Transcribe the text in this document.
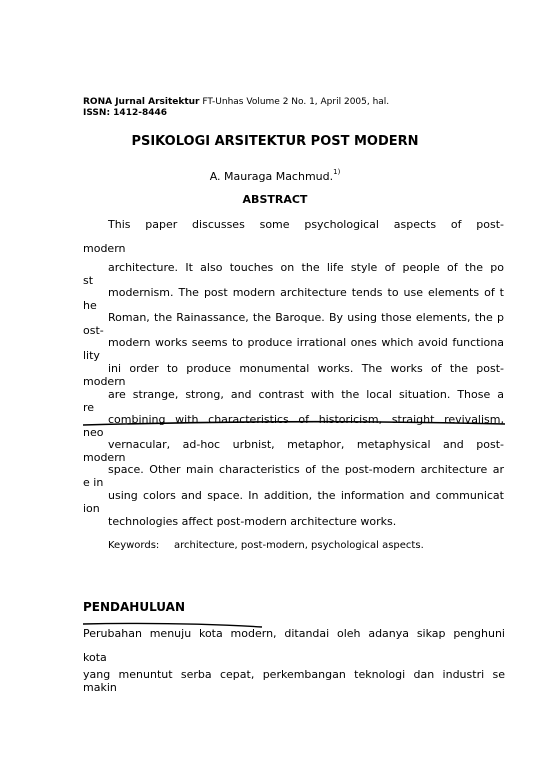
RONA Jurnal Arsitektur FT-Unhas Volume 2 No. 1, April 2005, hal.
ISSN: 1412-8446
PSIKOLOGI ARSITEKTUR POST MODERN
A. Mauraga Machmud.$^{1)}$
ABSTRACT
This paper discusses some psychological aspects of post-
modern
architecture. It also touches on the life style of people of the po
st
modernism. The post modern architecture tends to use elements of t
he
Roman, the Rainassance, the Baroque. By using those elements, the p
ost-
modern works seems to produce irrational ones which avoid functiona
lity
ini order to produce monumental works. The works of the post-
modern
are strange, strong, and contrast with the local situation. Those a
re
combining with characteristics of historicism, straight revivalism,
neo
vernacular, ad-hoc urbnist, metaphor, metaphysical and post-
modern
space. Other main characteristics of the post-modern architecture ar
e in
using colors and space. In addition, the information and communicat
ion
technologies affect post-modern architecture works.
Keywords: architecture, post-modern, psychological aspects.
PENDAHULUAN
Perubahan menuju kota modern, ditandai oleh adanya sikap penghuni
kota
yang menuntut serba cepat, perkembangan teknologi dan industri se
makin
